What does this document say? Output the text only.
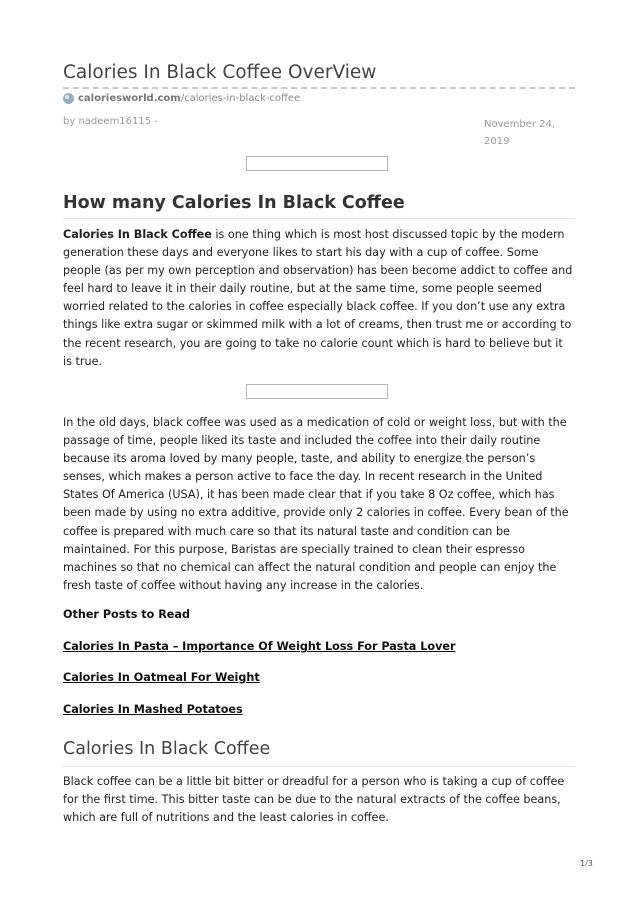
Calories In Black Coffee OverView
caloriesworld.com /calories-in-black-coffee
by nadeem16115 -	November 24, 2019
How many Calories In Black Coffee

Calories In Black Coffee is one thing which is most host discussed topic by the modern generation these days and everyone likes to start his day with a cup of coffee. Some people (as per my own perception and observation) has been become addict to coffee and feel hard to leave it in their daily routine, but at the same time, some people seemed worried related to the calories in coffee especially black coffee. If you don’t use any extra things like extra sugar or skimmed milk with a lot of creams, then trust me or according to the recent research, you are going to take no calorie count which is hard to believe but it is true.

In the old days, black coffee was used as a medication of cold or weight loss, but with the passage of time, people liked its taste and included the coffee into their daily routine because its aroma loved by many people, taste, and ability to energize the person’s senses, which makes a person active to face the day. In recent research in the United States Of America (USA), it has been made clear that if you take 8 Oz coffee, which has been made by using no extra additive, provide only 2 calories in coffee. Every bean of the coffee is prepared with much care so that its natural taste and condition can be maintained. For this purpose, Baristas are specially trained to clean their espresso machines so that no chemical can affect the natural condition and people can enjoy the fresh taste of coffee without having any increase in the calories.

Other Posts to Read
Calories In Pasta – Importance Of Weight Loss For Pasta Lover
Calories In Oatmeal For Weight
Calories In Mashed Potatoes
Calories In Black Coffee

Black coffee can be a little bit bitter or dreadful for a person who is taking a cup of coffee for the first time. This bitter taste can be due to the natural extracts of the coffee beans, which are full of nutritions and the least calories in coffee.

1/3
